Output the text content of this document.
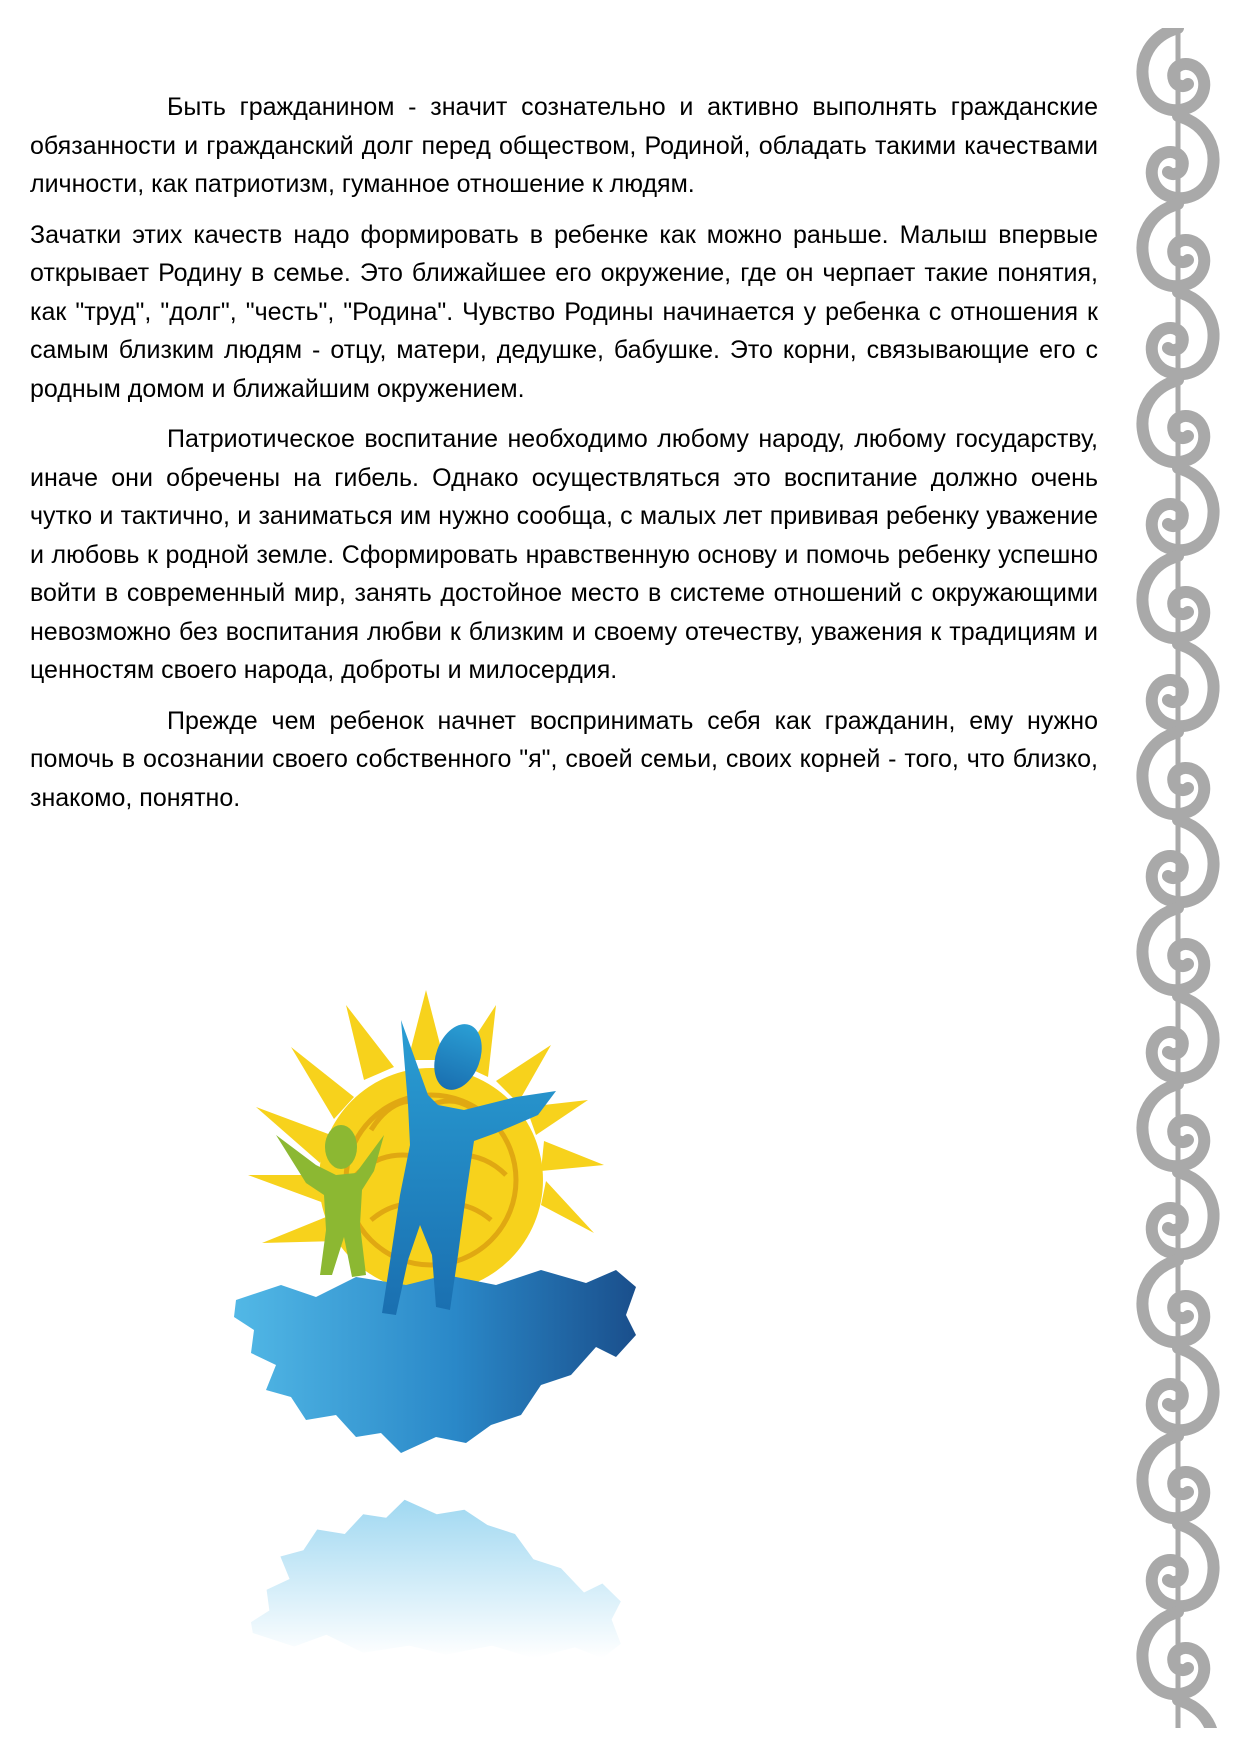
Быть гражданином - значит сознательно и активно выполнять гражданские обязанности и гражданский долг перед обществом, Родиной, обладать такими качествами личности, как патриотизм, гуманное отношение к людям.

Зачатки этих качеств надо формировать в ребенке как можно раньше. Малыш впервые открывает Родину в семье. Это ближайшее его окружение, где он черпает такие понятия, как "труд", "долг", "честь", "Родина". Чувство Родины начинается у ребенка с отношения к самым близким людям - отцу, матери, дедушке, бабушке. Это корни, связывающие его с родным домом и ближайшим окружением.

Патриотическое воспитание необходимо любому народу, любому государству, иначе они обречены на гибель. Однако осуществляться это воспитание должно очень чутко и тактично, и заниматься им нужно сообща, с малых лет прививая ребенку уважение и любовь к родной земле. Сформировать нравственную основу и помочь ребенку успешно войти в современный мир, занять достойное место в системе отношений с окружающими невозможно без воспитания любви к близким и своему отечеству, уважения к традициям и ценностям своего народа, доброты и милосердия.

Прежде чем ребенок начнет воспринимать себя как гражданин, ему нужно помочь в осознании своего собственного "я", своей семьи, своих корней - того, что близко, знакомо, понятно.
